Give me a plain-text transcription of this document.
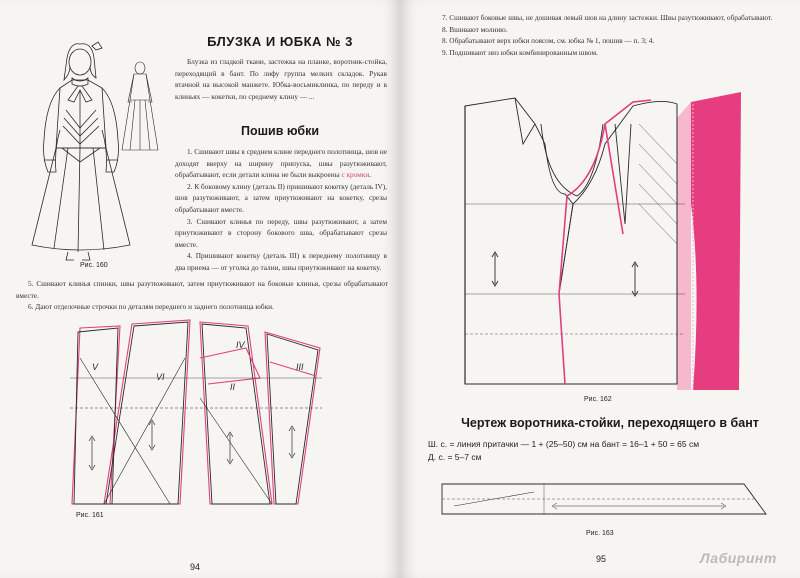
Рис. 160
БЛУЗКА И ЮБКА № 3

Блузка из гладкой ткани, застежка на планке, воротник-стойка, переходящий в бант. По лифу группа мелких складок. Рукав втачной на высокой манжете. Юбка-восьмиклинка, по переду и в клиньях — кокетки, по среднему клину — ...

Пошив юбки

1. Сшивают швы в среднем клине переднего полотнища, шов не доходят вверху на ширину припуска, швы разутюживают, обрабатывают, если детали клина не были выкроены с кромки.

2. К боковому клину (деталь II) пришивают кокетку (деталь IV), шов разутюживают, а затем приутюживают на кокетку, срезы обрабатывают вместе.

3. Сшивают клинья по переду, швы разутюживают, а затем приутюживают в сторону бокового шва, обрабатывают срезы вместе.

4. Пришивают кокетку (деталь III) к переднему полотнищу в два приема — от уголка до талии, швы приутюживают на кокетку.

5. Сшивают клинья спинки, швы разутюживают, затем приутюживают на боковые клинья, срезы обрабатывают вместе.

6. Дают отделочные строчки по деталям переднего и заднего полотнища юбки.

V
VI
IV
III
II
Рис. 161
94

7. Сшивают боковые швы, не дошивая левый шов на длину застежки. Швы разутюживают, обрабатывают.

8. Вшивают молнию.

8. Обрабатывают верх юбки поясом, см. юбка № 1, пошив — п. 3; 4.

9. Подшивают низ юбки комбинированным швом.

Рис. 162
Чертеж воротника-стойки, переходящего в бант
Ш. с. = линия притачки — 1 + (25–50) см на бант = 16–1 + 50 = 65 см
Д. с. = 5–7 см
Рис. 163
95	Лабиринт
